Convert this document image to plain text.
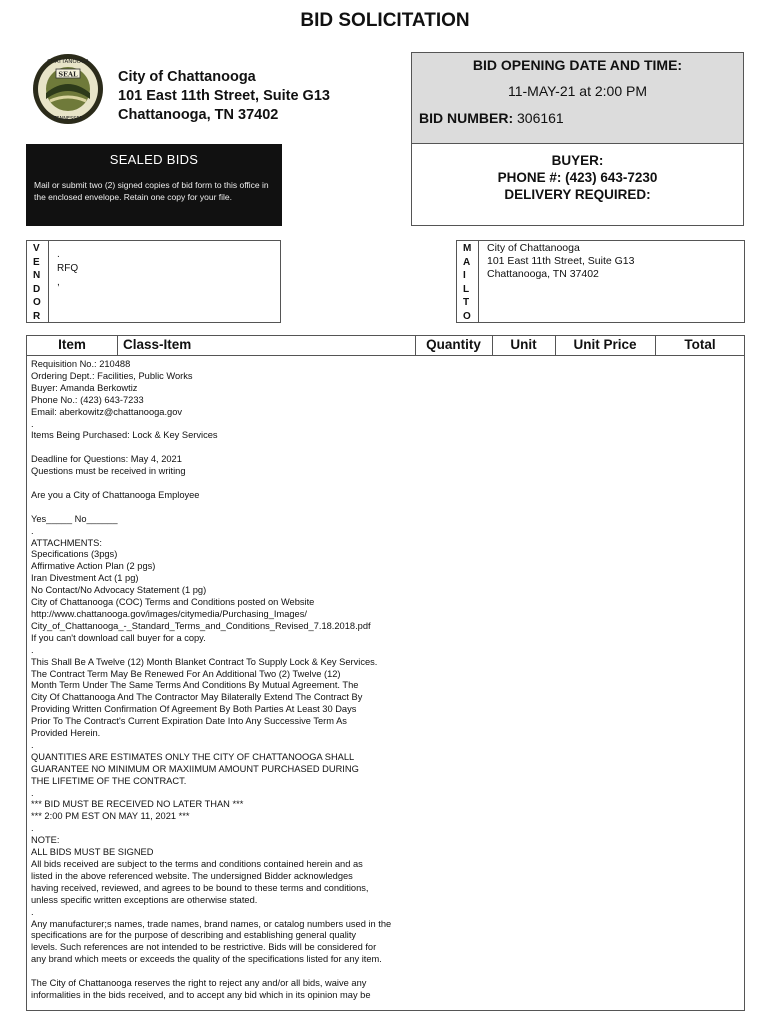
BID SOLICITATION
SEAL
CHATTANOOGA
TENNESSEE
City of Chattanooga
101 East 11th Street, Suite G13
Chattanooga, TN 37402
BID OPENING DATE AND TIME:
11-MAY-21 at 2:00 PM
BID NUMBER: 306161
SEALED BIDS
Mail or submit two (2) signed copies of bid form to this office in the enclosed envelope. Retain one copy for your file.
BUYER:
PHONE #: (423) 643-7230
DELIVERY REQUIRED:
V
E
N
D
O
R
.
RFQ
,
M
A
I
L
T
O
City of Chattanooga
101 East 11th Street, Suite G13
Chattanooga, TN 37402
Item	Class-Item	Quantity	Unit	Unit Price	Total
Requisition No.: 210488
Ordering Dept.: Facilities, Public Works
Buyer: Amanda Berkowtiz
Phone No.: (423) 643-7233
Email: aberkowitz@chattanooga.gov
.
Items Being Purchased: Lock & Key Services
Deadline for Questions: May 4, 2021
Questions must be received in writing
Are you a City of Chattanooga Employee
Yes_____ No______
.
ATTACHMENTS:
Specifications (3pgs)
Affirmative Action Plan (2 pgs)
Iran Divestment Act (1 pg)
No Contact/No Advocacy Statement (1 pg)
City of Chattanooga (COC) Terms and Conditions posted on Website
http://www.chattanooga.gov/images/citymedia/Purchasing_Images/
City_of_Chattanooga_-_Standard_Terms_and_Conditions_Revised_7.18.2018.pdf
If you can't download call buyer for a copy.
.
This Shall Be A Twelve (12) Month Blanket Contract To Supply Lock & Key Services.
The Contract Term May Be Renewed For An Additional Two (2) Twelve (12)
Month Term Under The Same Terms And Conditions By Mutual Agreement. The
City Of Chattanooga And The Contractor May Bilaterally Extend The Contract By
Providing Written Confirmation Of Agreement By Both Parties At Least 30 Days
Prior To The Contract's Current Expiration Date Into Any Successive Term As
Provided Herein.
.
QUANTITIES ARE ESTIMATES ONLY THE CITY OF CHATTANOOGA SHALL
GUARANTEE NO MINIMUM OR MAXIIMUM AMOUNT PURCHASED DURING
THE LIFETIME OF THE CONTRACT.
.
*** BID MUST BE RECEIVED NO LATER THAN ***
*** 2:00 PM EST ON MAY 11, 2021 ***
.
NOTE:
ALL BIDS MUST BE SIGNED
All bids received are subject to the terms and conditions contained herein and as
listed in the above referenced website. The undersigned Bidder acknowledges
having received, reviewed, and agrees to be bound to these terms and conditions,
unless specific written exceptions are otherwise stated.
.
Any manufacturer;s names, trade names, brand names, or catalog numbers used in the
specifications are for the purpose of describing and establishing general quality
levels. Such references are not intended to be restrictive. Bids will be considered for
any brand which meets or exceeds the quality of the specifications listed for any item.
The City of Chattanooga reserves the right to reject any and/or all bids, waive any
informalities in the bids received, and to accept any bid which in its opinion may be
